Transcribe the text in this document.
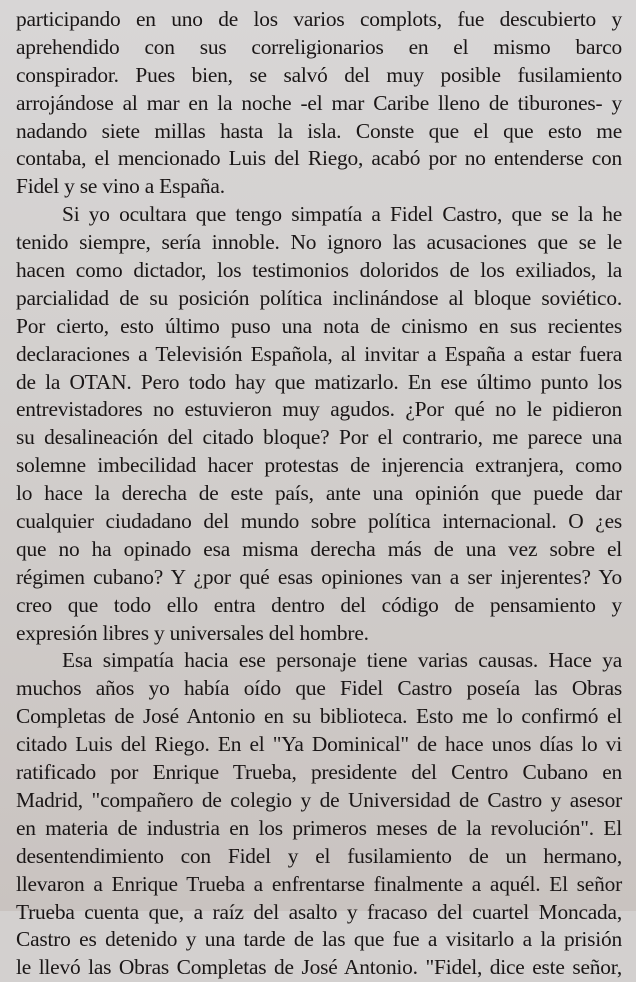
participando en uno de los varios complots, fue descubierto y
aprehendido con sus correligionarios en el mismo barco
conspirador. Pues bien, se salvó del muy posible fusilamiento
arrojándose al mar en la noche -el mar Caribe lleno de tiburones- y
nadando siete millas hasta la isla. Conste que el que esto me
contaba, el mencionado Luis del Riego, acabó por no entenderse con
Fidel y se vino a España.
Si yo ocultara que tengo simpatía a Fidel Castro, que se la he
tenido siempre, sería innoble. No ignoro las acusaciones que se le
hacen como dictador, los testimonios doloridos de los exiliados, la
parcialidad de su posición política inclinándose al bloque soviético.
Por cierto, esto último puso una nota de cinismo en sus recientes
declaraciones a Televisión Española, al invitar a España a estar fuera
de la OTAN. Pero todo hay que matizarlo. En ese último punto los
entrevistadores no estuvieron muy agudos. ¿Por qué no le pidieron
su desalineación del citado bloque? Por el contrario, me parece una
solemne imbecilidad hacer protestas de injerencia extranjera, como
lo hace la derecha de este país, ante una opinión que puede dar
cualquier ciudadano del mundo sobre política internacional. O ¿es
que no ha opinado esa misma derecha más de una vez sobre el
régimen cubano? Y ¿por qué esas opiniones van a ser injerentes? Yo
creo que todo ello entra dentro del código de pensamiento y
expresión libres y universales del hombre.
Esa simpatía hacia ese personaje tiene varias causas. Hace ya
muchos años yo había oído que Fidel Castro poseía las Obras
Completas de José Antonio en su biblioteca. Esto me lo confirmó el
citado Luis del Riego. En el "Ya Dominical" de hace unos días lo vi
ratificado por Enrique Trueba, presidente del Centro Cubano en
Madrid, "compañero de colegio y de Universidad de Castro y asesor
en materia de industria en los primeros meses de la revolución". El
desentendimiento con Fidel y el fusilamiento de un hermano,
llevaron a Enrique Trueba a enfrentarse finalmente a aquél. El señor
Trueba cuenta que, a raíz del asalto y fracaso del cuartel Moncada,
Castro es detenido y una tarde de las que fue a visitarlo a la prisión
le llevó las Obras Completas de José Antonio. "Fidel, dice este señor,
